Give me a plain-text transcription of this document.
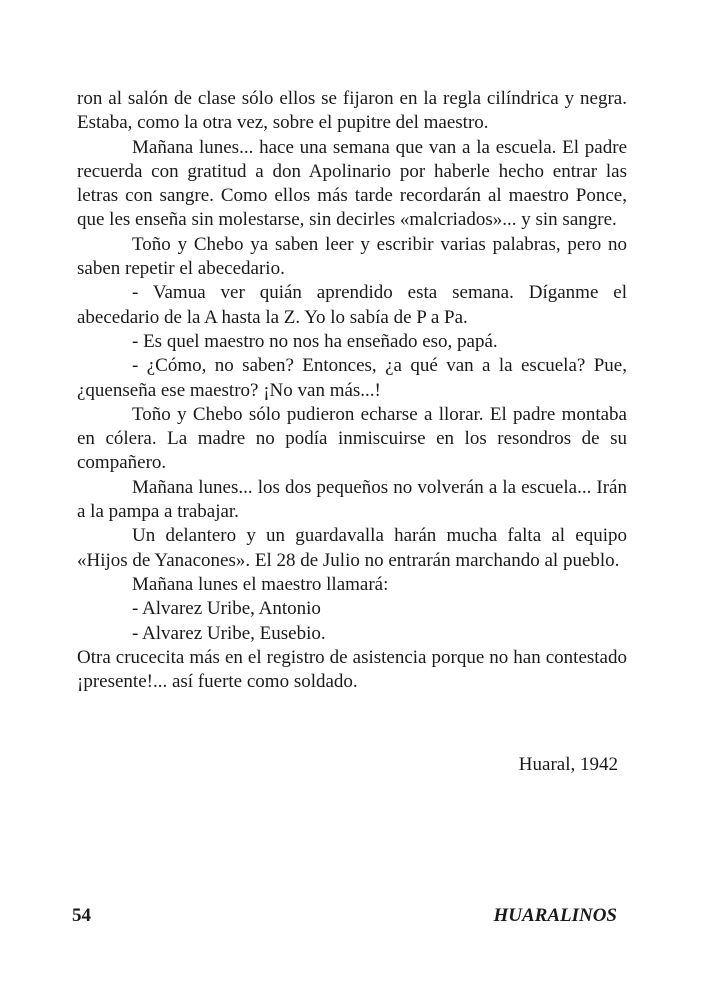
ron al salón de clase sólo ellos se fijaron en la regla cilíndrica y negra. Estaba, como la otra vez, sobre el pupitre del maestro.

Mañana lunes... hace una semana que van a la escuela. El padre recuerda con gratitud a don Apolinario por haberle hecho entrar las letras con sangre. Como ellos más tarde recordarán al maestro Ponce, que les enseña sin molestarse, sin decirles «malcriados»... y sin sangre.

Toño y Chebo ya saben leer y escribir varias palabras, pero no saben repetir el abecedario.

- Vamua ver quián aprendido esta semana. Díganme el abecedario de la A hasta la Z. Yo lo sabía de P a Pa.

- Es quel maestro no nos ha enseñado eso, papá.

- ¿Cómo, no saben? Entonces, ¿a qué van a la escuela? Pue, ¿quenseña ese maestro? ¡No van más...!

Toño y Chebo sólo pudieron echarse a llorar. El padre montaba en cólera. La madre no podía inmiscuirse en los resondros de su compañero.

Mañana lunes... los dos pequeños no volverán a la escuela... Irán a la pampa a trabajar.

Un delantero y un guardavalla harán mucha falta al equipo «Hijos de Yanacones». El 28 de Julio no entrarán marchando al pueblo.

Mañana lunes el maestro llamará:

- Alvarez Uribe, Antonio

- Alvarez Uribe, Eusebio.

Otra crucecita más en el registro de asistencia porque no han contestado ¡presente!... así fuerte como soldado.

Huaral, 1942
54	HUARALINOS
